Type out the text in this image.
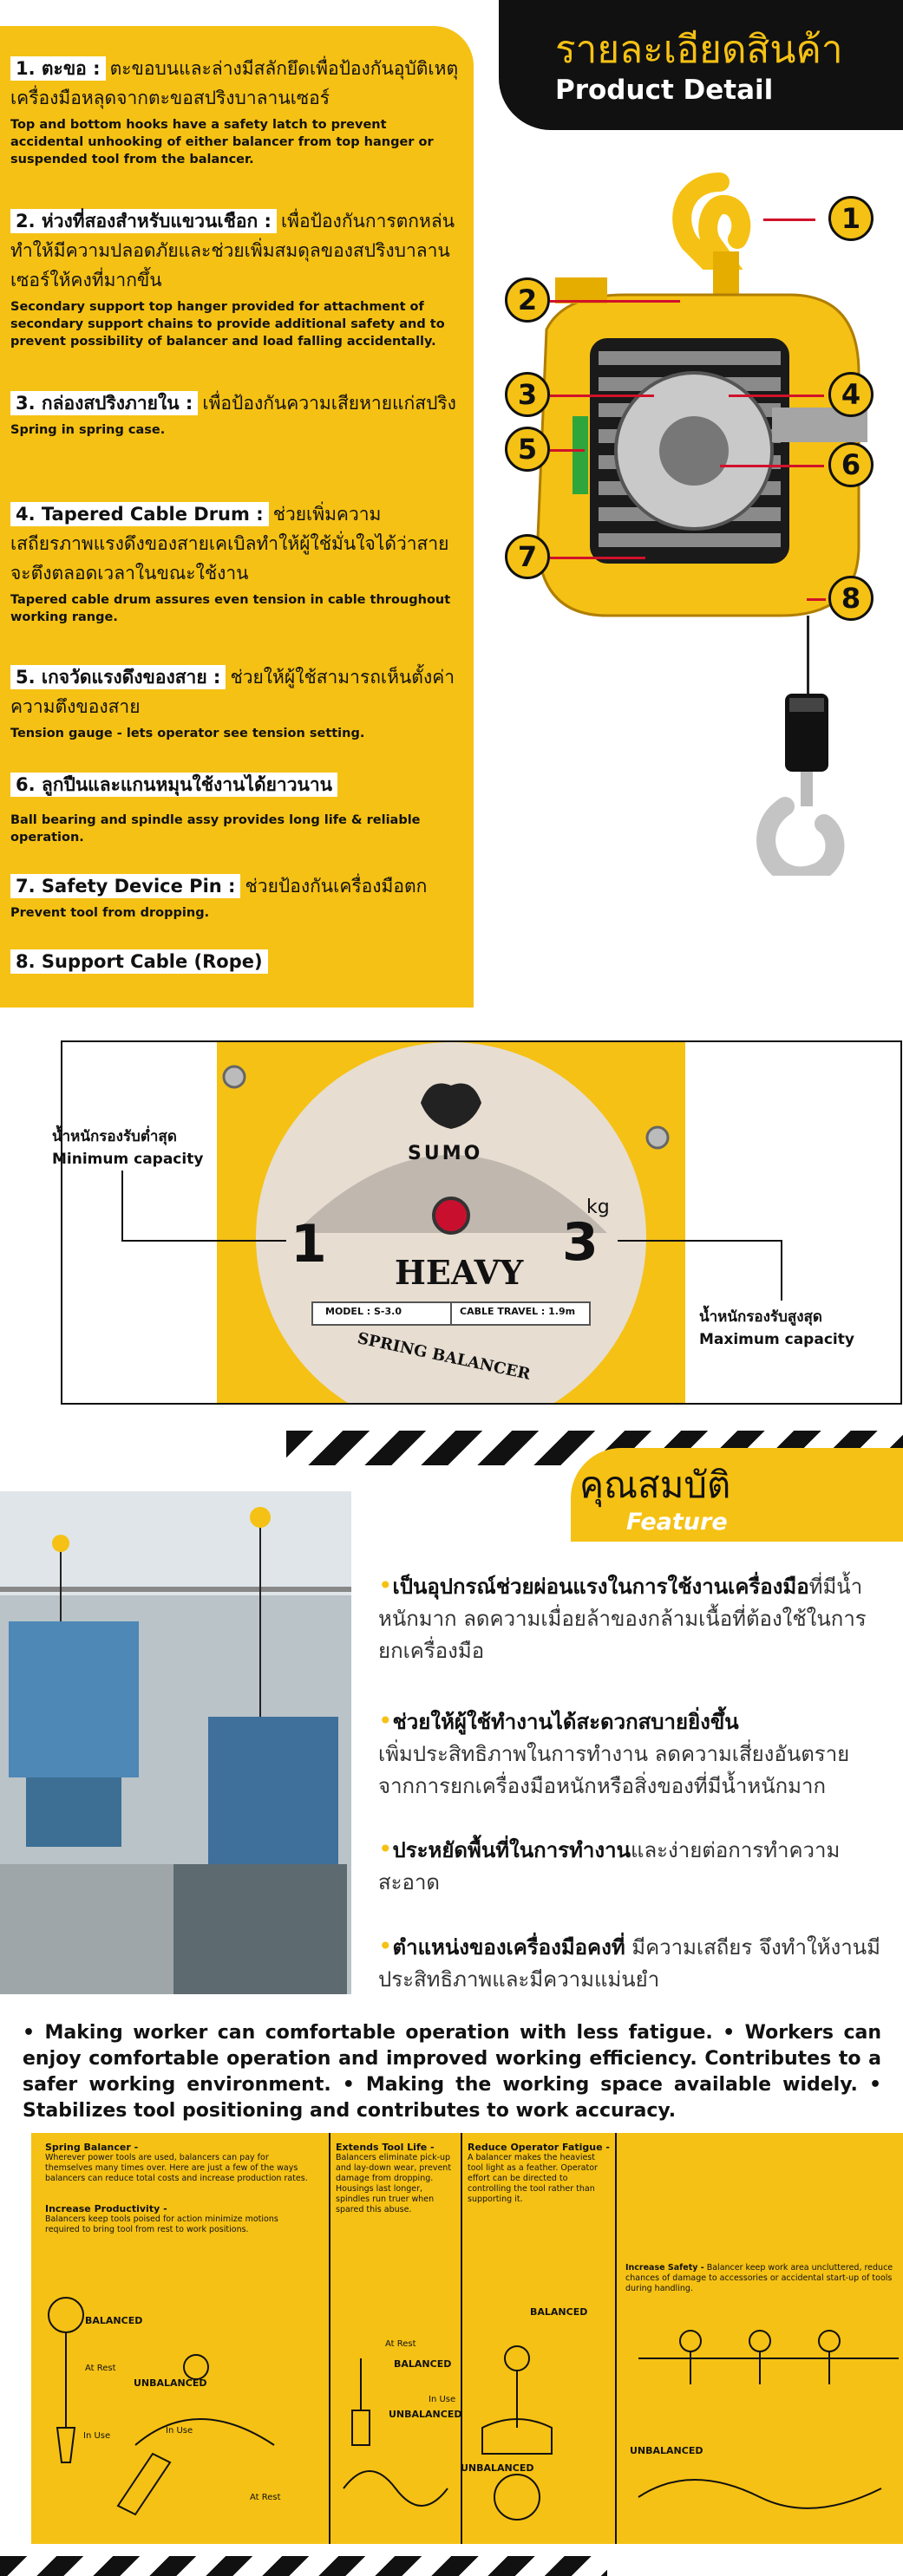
1. ตะขอ : ตะขอบนและล่างมีสลักยึดเพื่อป้องกันอุบัติเหตุเครื่องมือหลุดจากตะขอสปริงบาลานเซอร์
Top and bottom hooks have a safety latch to prevent accidental unhooking of either balancer from top hanger or suspended tool from the balancer.
2. ห่วงที่สองสำหรับแขวนเชือก : เพื่อป้องกันการตกหล่นทำให้มีความปลอดภัยและช่วยเพิ่มสมดุลของสปริงบาลานเซอร์ให้คงที่มากขึ้น
Secondary support top hanger provided for attachment of secondary support chains to provide additional safety and to prevent possibility of balancer and load falling accidentally.
3. กล่องสปริงภายใน : เพื่อป้องกันความเสียหายแก่สปริง
Spring in spring case.
4. Tapered Cable Drum : ช่วยเพิ่มความเสถียรภาพแรงดึงของสายเคเบิลทำให้ผู้ใช้มั่นใจได้ว่าสายจะตึงตลอดเวลาในขณะใช้งาน
Tapered cable drum assures even tension in cable throughout working range.
5. เกจวัดแรงดึงของสาย : ช่วยให้ผู้ใช้สามารถเห็นตั้งค่าความตึงของสาย
Tension gauge - lets operator see tension setting.
6. ลูกปืนและแกนหมุนใช้งานได้ยาวนาน
Ball bearing and spindle assy provides long life & reliable operation.
7. Safety Device Pin : ช่วยป้องกันเครื่องมือตก
Prevent tool from dropping.
8. Support Cable (Rope)
รายละเอียดสินค้า
Product Detail
1
2
3	4
5	6
7
8
SUMO
1	3
kg
HEAVY
MODEL : S-3.0	CABLE TRAVEL : 1.9m
SPRING BALANCER
น้ำหนักรองรับต่ำสุด
Minimum capacity
น้ำหนักรองรับสูงสุด
Maximum capacity
คุณสมบัติ
Feature
•เป็นอุปกรณ์ช่วยผ่อนแรงในการใช้งานเครื่องมือที่มีน้ำหนักมาก ลดความเมื่อยล้าของกล้ามเนื้อที่ต้องใช้ในการยกเครื่องมือ
•ช่วยให้ผู้ใช้ทำงานได้สะดวกสบายยิ่งขึ้น
เพิ่มประสิทธิภาพในการทำงาน ลดความเสี่ยงอันตรายจากการยกเครื่องมือหนักหรือสิ่งของที่มีน้ำหนักมาก
•ประหยัดพื้นที่ในการทำงานและง่ายต่อการทำความสะอาด
•ตำแหน่งของเครื่องมือคงที่ มีความเสถียร จึงทำให้งานมีประสิทธิภาพและมีความแม่นยำ
• Making worker can comfortable operation with less fatigue. • Workers can enjoy comfortable operation and improved working efficiency. Contributes to a safer working environment. • Making the working space available widely. • Stabilizes tool positioning and contributes to work accuracy.
Spring Balancer -
Wherever power tools are used, balancers can pay for themselves many times over. Here are just a few of the ways balancers can reduce total costs and increase production rates.
Increase Productivity -
Balancers keep tools poised for action minimize motions required to bring tool from rest to work positions.
Extends Tool Life -
Balancers eliminate pick-up and lay-down wear, prevent damage from dropping. Housings last longer, spindles run truer when spared this abuse.
Reduce Operator Fatigue -
A balancer makes the heaviest tool light as a feather. Operator effort can be directed to controlling the tool rather than supporting it.
Increase Safety - Balancer keep work area uncluttered, reduce chances of damage to accessories or accidental start-up of tools during handling.
BALANCED
At Rest
UNBALANCED
In Use
In Use
At Rest
At Rest
BALANCED
In Use
UNBALANCED
BALANCED
UNBALANCED
UNBALANCED
